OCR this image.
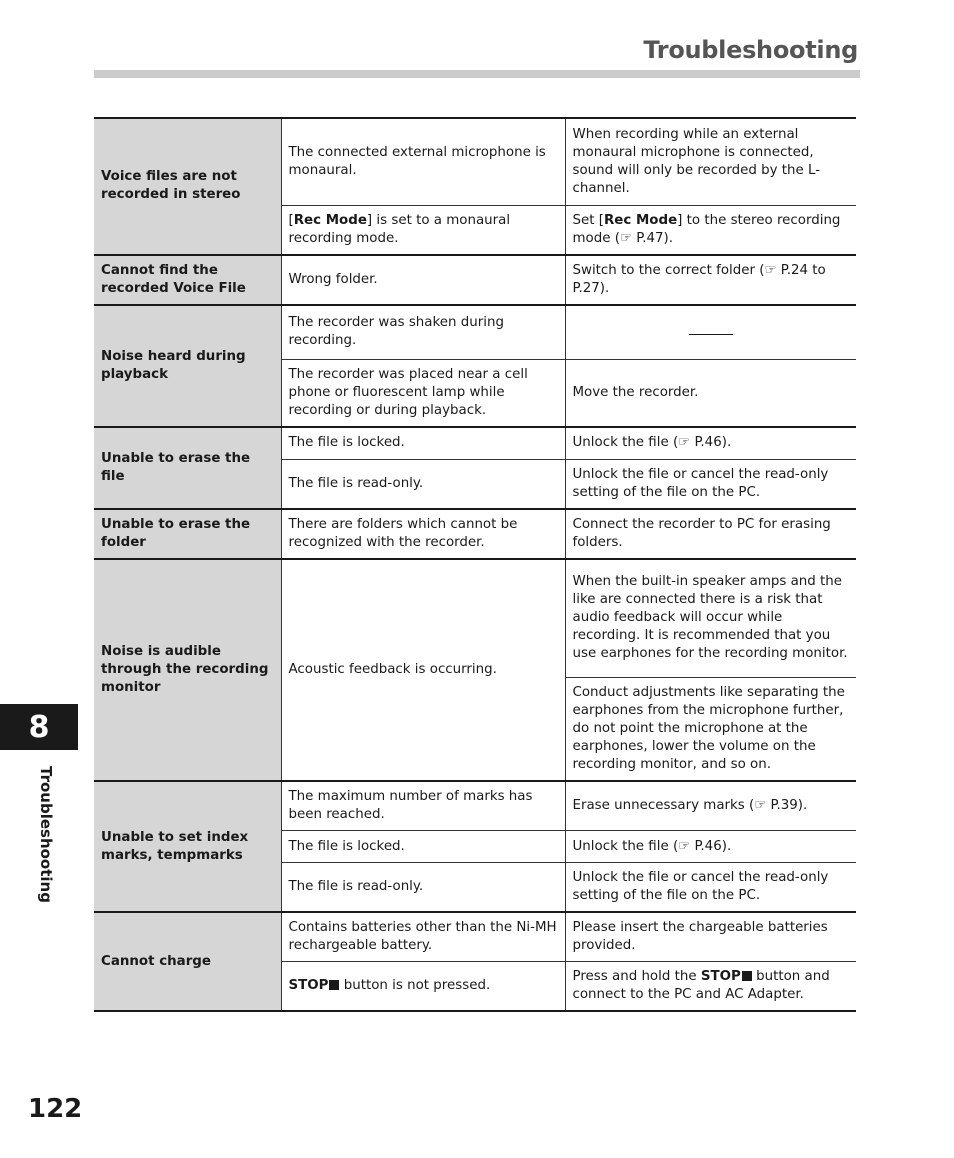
Troubleshooting
Voice files are not recorded in stereo	The connected external microphone is monaural.	When recording while an external monaural microphone is connected, sound will only be recorded by the L-channel.
	[Rec Mode] is set to a monaural recording mode.	Set [Rec Mode] to the stereo recording mode (☞ P.47).
Cannot find the recorded Voice File	Wrong folder.	Switch to the correct folder (☞ P.24 to P.27).
Noise heard during playback	The recorder was shaken during recording.	

	The recorder was placed near a cell phone or fluorescent lamp while recording or during playback.	Move the recorder.
Unable to erase the file	The file is locked.	Unlock the file (☞ P.46).
	The file is read-only.	Unlock the file or cancel the read-only setting of the file on the PC.
Unable to erase the folder	There are folders which cannot be recognized with the recorder.	Connect the recorder to PC for erasing folders.
Noise is audible through the recording monitor	Acoustic feedback is occurring.	When the built-in speaker amps and the like are connected there is a risk that audio feedback will occur while recording. It is recommended that you use earphones for the recording monitor.
		Conduct adjustments like separating the earphones from the microphone further, do not point the microphone at the earphones, lower the volume on the recording monitor, and so on.
Unable to set index marks, tempmarks	The maximum number of marks has been reached.	Erase unnecessary marks (☞ P.39).
	The file is locked.	Unlock the file (☞ P.46).
	The file is read-only.	Unlock the file or cancel the read-only setting of the file on the PC.
Cannot charge	Contains batteries other than the Ni-MH rechargeable battery.	Please insert the chargeable batteries provided.
	STOP button is not pressed.	Press and hold the STOP button and connect to the PC and AC Adapter.
8
Troubleshooting
122
